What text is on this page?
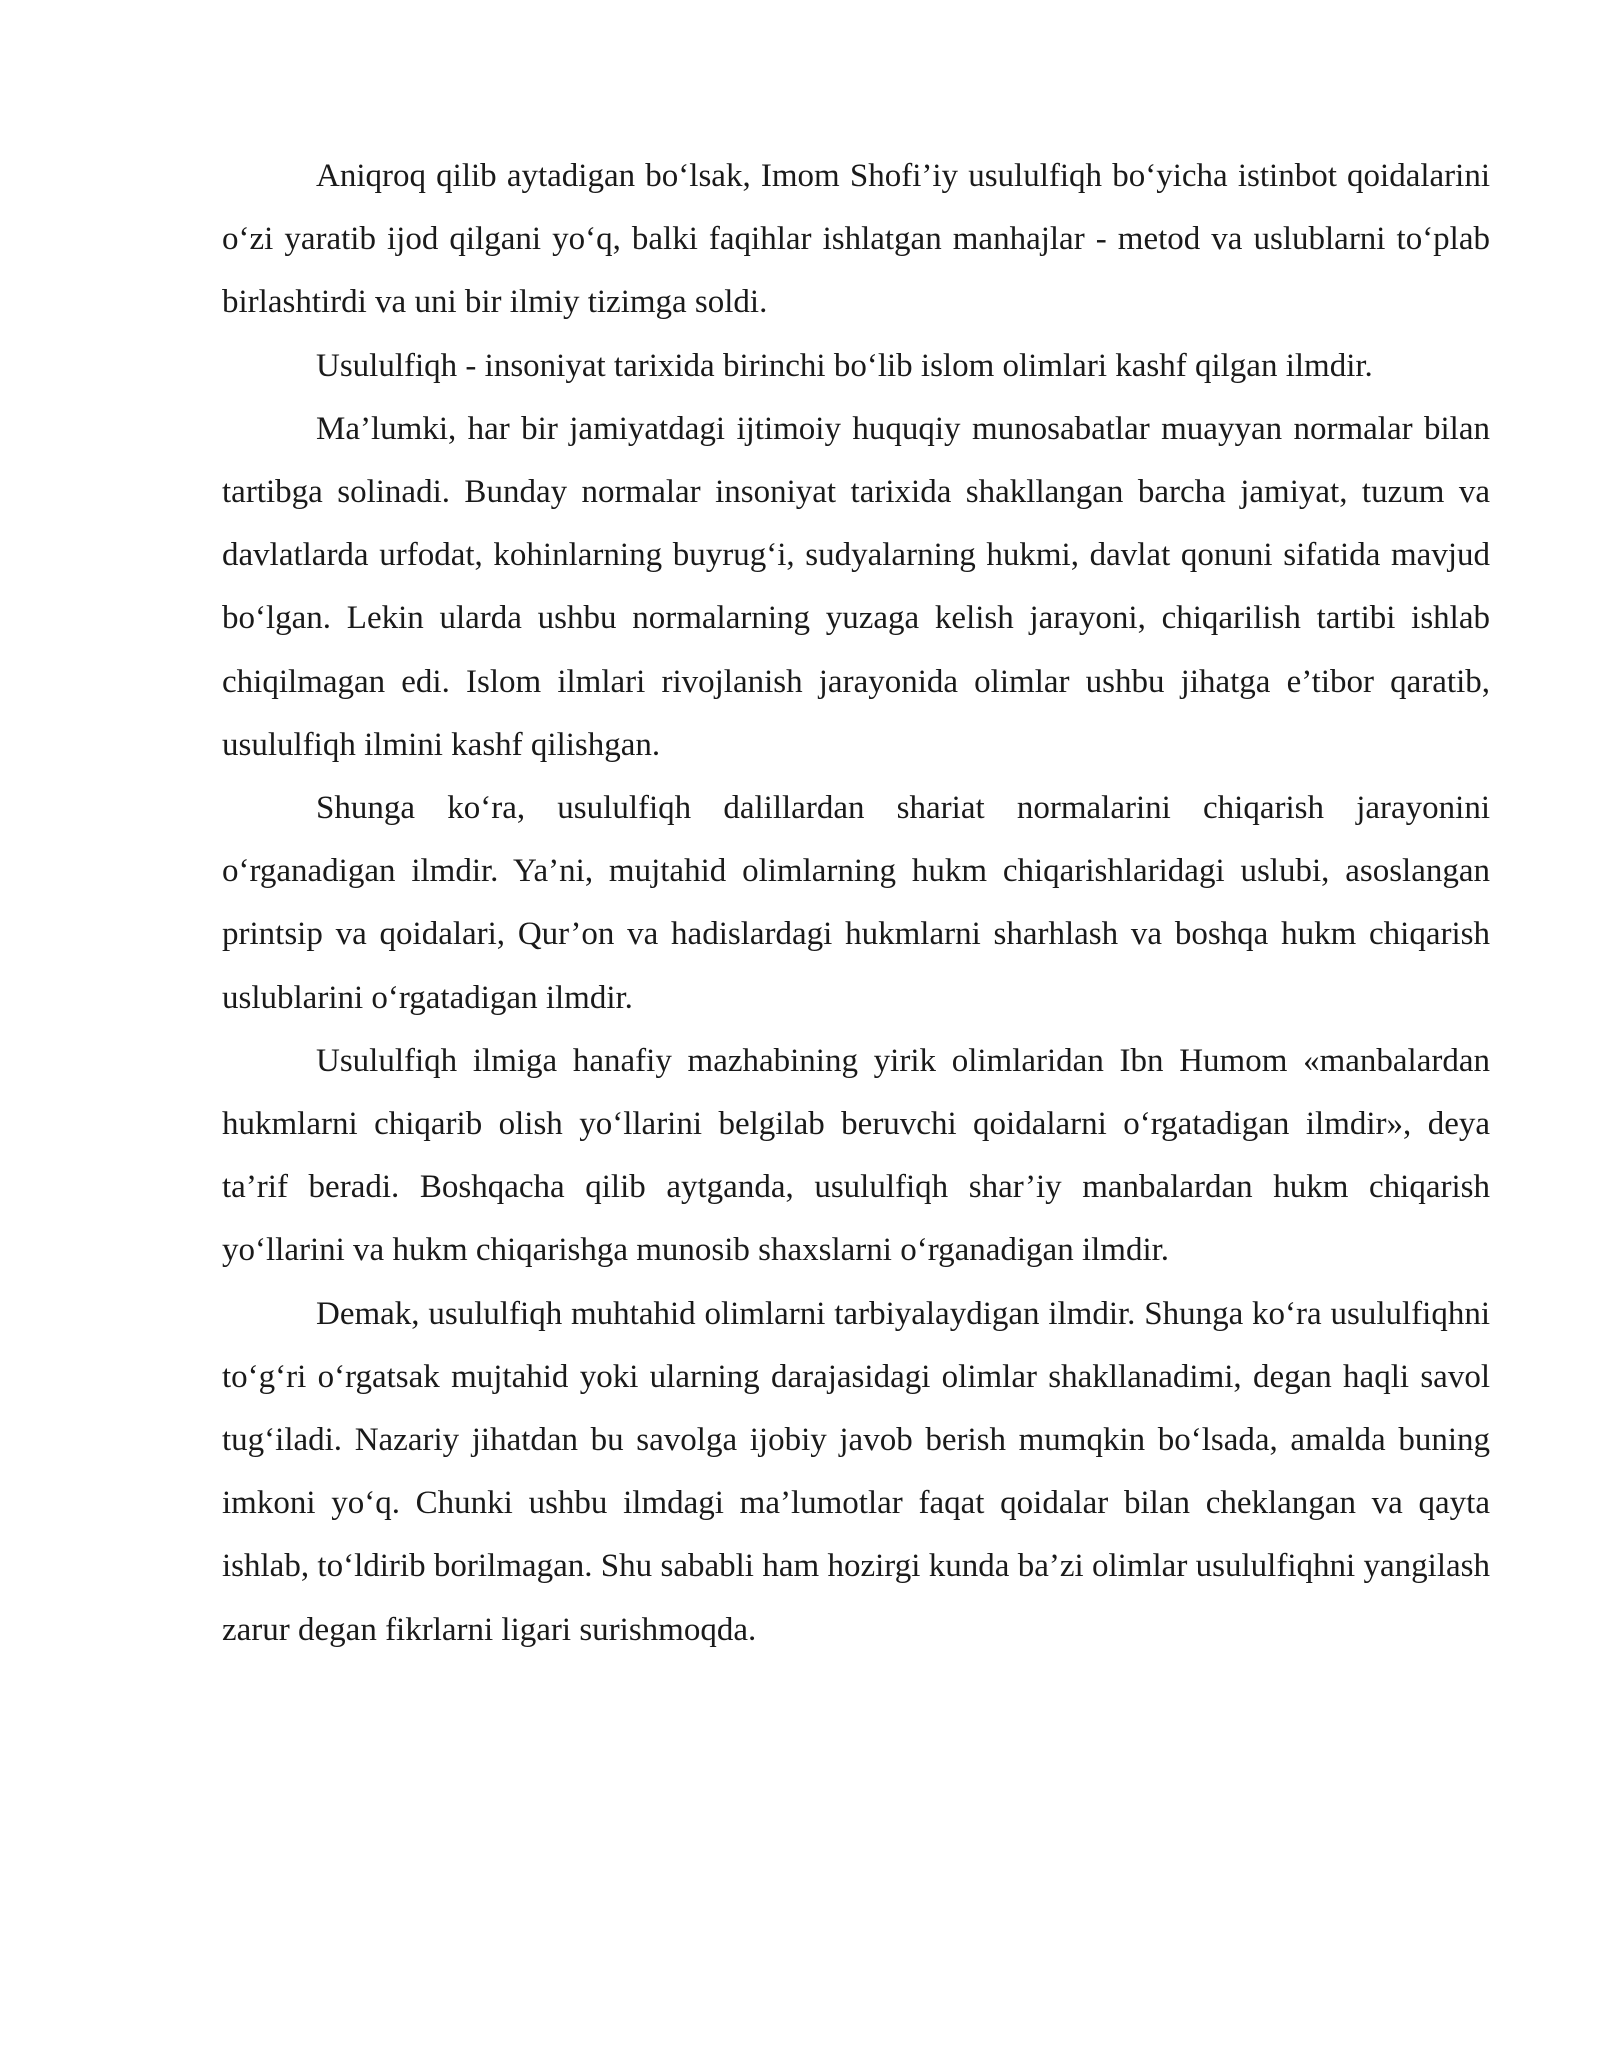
Aniqroq qilib aytadigan bo‘lsak, Imom Shofi’iy usululfiqh bo‘yicha istinbot qoidalarini o‘zi yaratib ijod qilgani yo‘q, balki faqihlar ishlatgan manhajlar - metod va uslublarni to‘plab birlashtirdi va uni bir ilmiy tizimga soldi.

Usululfiqh - insoniyat tarixida birinchi bo‘lib islom olimlari kashf qilgan ilmdir.

Ma’lumki, har bir jamiyatdagi ijtimoiy huquqiy munosabatlar muayyan normalar bilan tartibga solinadi. Bunday normalar insoniyat tarixida shakllangan barcha jamiyat, tuzum va davlatlarda urfodat, kohinlarning buyrug‘i, sudyalarning hukmi, davlat qonuni sifatida mavjud bo‘lgan. Lekin ularda ushbu normalarning yuzaga kelish jarayoni, chiqarilish tartibi ishlab chiqilmagan edi. Islom ilmlari rivojlanish jarayonida olimlar ushbu jihatga e’tibor qaratib, usululfiqh ilmini kashf qilishgan.

Shunga ko‘ra, usululfiqh dalillardan shariat normalarini chiqarish jarayonini o‘rganadigan ilmdir. Ya’ni, mujtahid olimlarning hukm chiqarishlaridagi uslubi, asoslangan printsip va qoidalari, Qur’on va hadislardagi hukmlarni sharhlash va boshqa hukm chiqarish uslublarini o‘rgatadigan ilmdir.

Usululfiqh ilmiga hanafiy mazhabining yirik olimlaridan Ibn Humom «manbalardan hukmlarni chiqarib olish yo‘llarini belgilab beruvchi qoidalarni o‘rgatadigan ilmdir», deya ta’rif beradi. Boshqacha qilib aytganda, usululfiqh shar’iy manbalardan hukm chiqarish yo‘llarini va hukm chiqarishga munosib shaxslarni o‘rganadigan ilmdir.

Demak, usululfiqh muhtahid olimlarni tarbiyalaydigan ilmdir. Shunga ko‘ra usululfiqhni to‘g‘ri o‘rgatsak mujtahid yoki ularning darajasidagi olimlar shakllanadimi, degan haqli savol tug‘iladi. Nazariy jihatdan bu savolga ijobiy javob berish mumqkin bo‘lsada, amalda buning imkoni yo‘q. Chunki ushbu ilmdagi ma’lumotlar faqat qoidalar bilan cheklangan va qayta ishlab, to‘ldirib borilmagan. Shu sababli ham hozirgi kunda ba’zi olimlar usululfiqhni yangilash zarur degan fikrlarni ligari surishmoqda.
